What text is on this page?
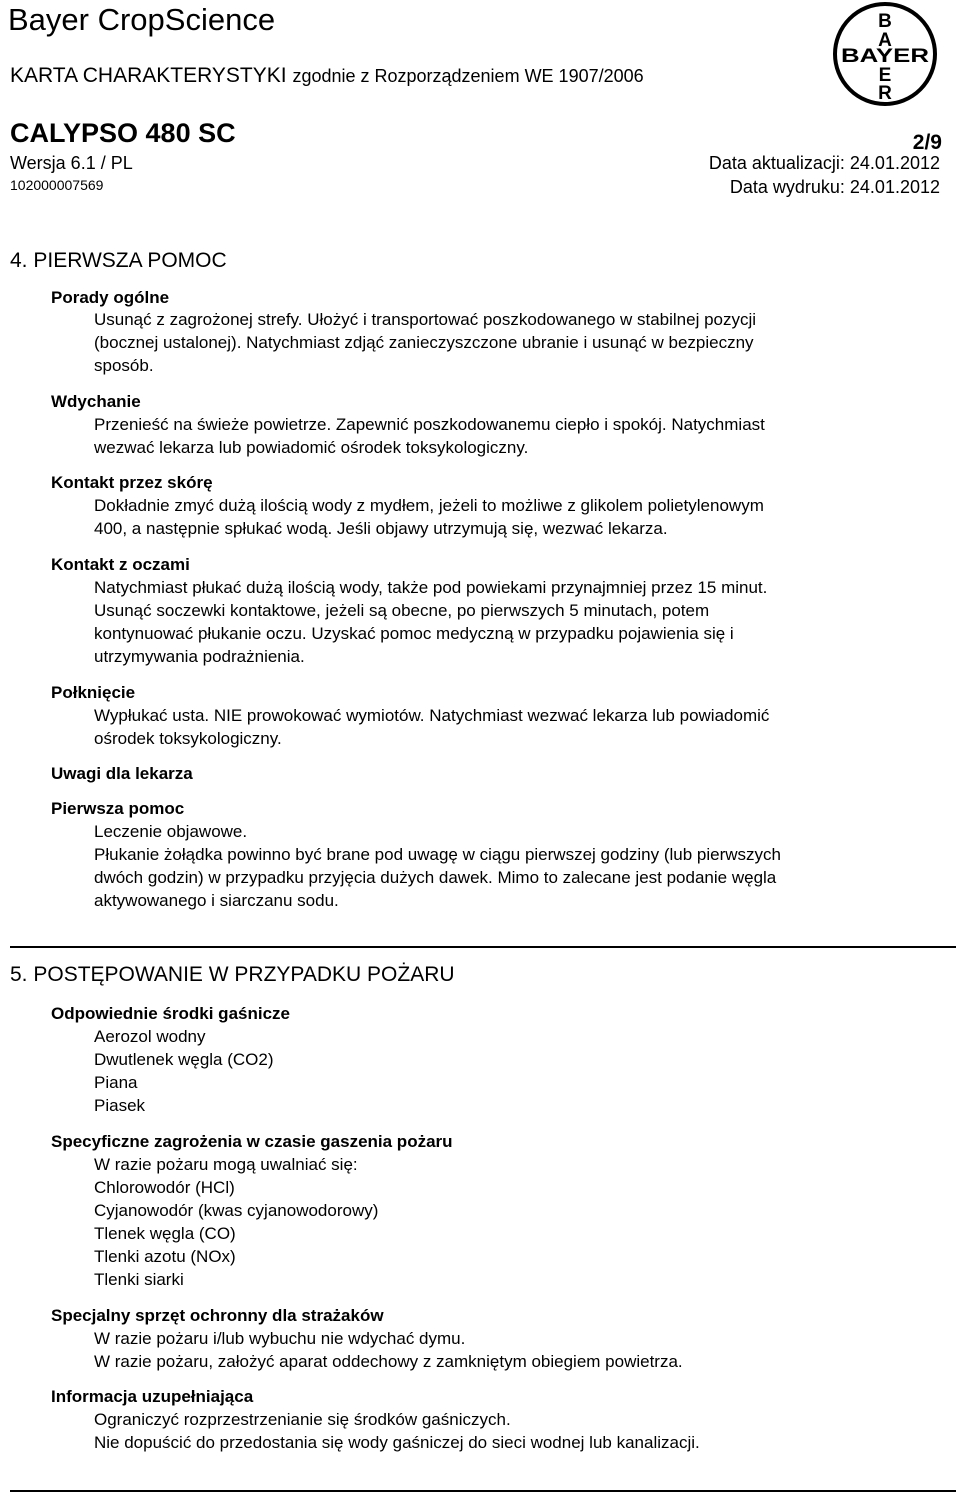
Bayer CropScience
KARTA CHARAKTERYSTYKI zgodnie z Rozporządzeniem WE 1907/2006
B
A
BAYER
E
R
CALYPSO 480 SC	2/9
Wersja 6.1 / PL
102000007569
Data aktualizacji: 24.01.2012
Data wydruku: 24.01.2012
4. PIERWSZA POMOC
Porady ogólne
Usunąć z zagrożonej strefy. Ułożyć i transportować poszkodowanego w stabilnej pozycji
(bocznej ustalonej). Natychmiast zdjąć zanieczyszczone ubranie i usunąć w bezpieczny
sposób.
Wdychanie
Przenieść na świeże powietrze. Zapewnić poszkodowanemu ciepło i spokój. Natychmiast
wezwać lekarza lub powiadomić ośrodek toksykologiczny.
Kontakt przez skórę
Dokładnie zmyć dużą ilością wody z mydłem, jeżeli to możliwe z glikolem polietylenowym
400, a następnie spłukać wodą. Jeśli objawy utrzymują się, wezwać lekarza.
Kontakt z oczami
Natychmiast płukać dużą ilością wody, także pod powiekami przynajmniej przez 15 minut.
Usunąć soczewki kontaktowe, jeżeli są obecne, po pierwszych 5 minutach, potem
kontynuować płukanie oczu. Uzyskać pomoc medyczną w przypadku pojawienia się i
utrzymywania podrażnienia.
Połknięcie
Wypłukać usta. NIE prowokować wymiotów. Natychmiast wezwać lekarza lub powiadomić
ośrodek toksykologiczny.
Uwagi dla lekarza
Pierwsza pomoc
Leczenie objawowe.
Płukanie żołądka powinno być brane pod uwagę w ciągu pierwszej godziny (lub pierwszych
dwóch godzin) w przypadku przyjęcia dużych dawek. Mimo to zalecane jest podanie węgla
aktywowanego i siarczanu sodu.
5. POSTĘPOWANIE W PRZYPADKU POŻARU
Odpowiednie środki gaśnicze
Aerozol wodny
Dwutlenek węgla (CO2)
Piana
Piasek
Specyficzne zagrożenia w czasie gaszenia pożaru
W razie pożaru mogą uwalniać się:
Chlorowodór (HCl)
Cyjanowodór (kwas cyjanowodorowy)
Tlenek węgla (CO)
Tlenki azotu (NOx)
Tlenki siarki
Specjalny sprzęt ochronny dla strażaków
W razie pożaru i/lub wybuchu nie wdychać dymu.
W razie pożaru, założyć aparat oddechowy z zamkniętym obiegiem powietrza.
Informacja uzupełniająca
Ograniczyć rozprzestrzenianie się środków gaśniczych.
Nie dopuścić do przedostania się wody gaśniczej do sieci wodnej lub kanalizacji.
